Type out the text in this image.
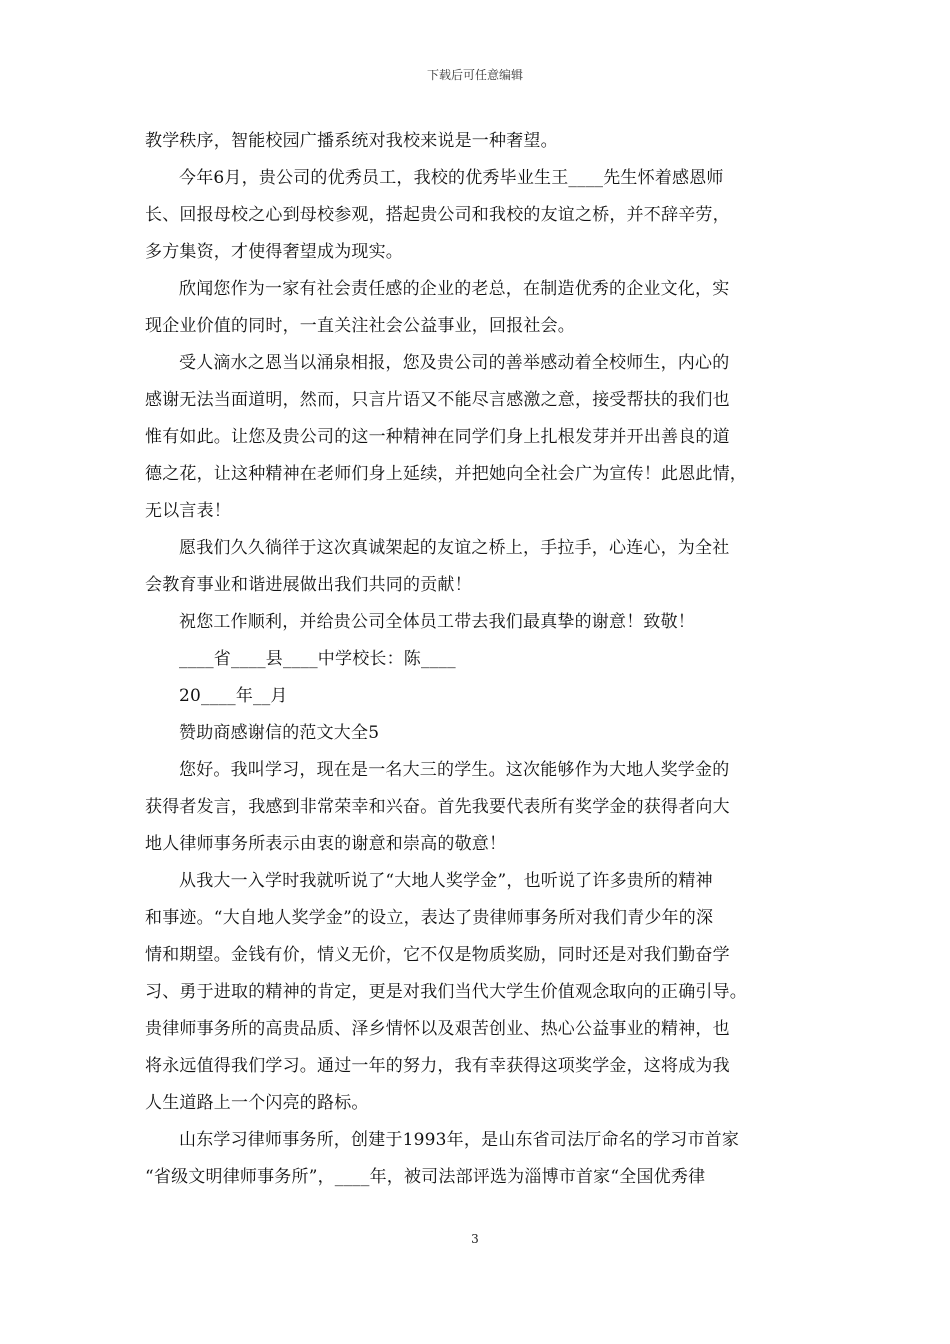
下载后可任意编辑
教学秩序，智能校园广播系统对我校来说是一种奢望。
今年6月，贵公司的优秀员工，我校的优秀毕业生王____先生怀着感恩师
长、回报母校之心到母校参观，搭起贵公司和我校的友谊之桥，并不辞辛劳，
多方集资，才使得奢望成为现实。
欣闻您作为一家有社会责任感的企业的老总，在制造优秀的企业文化，实
现企业价值的同时，一直关注社会公益事业，回报社会。
受人滴水之恩当以涌泉相报，您及贵公司的善举感动着全校师生，内心的
感谢无法当面道明，然而，只言片语又不能尽言感激之意，接受帮扶的我们也
惟有如此。让您及贵公司的这一种精神在同学们身上扎根发芽并开出善良的道
德之花，让这种精神在老师们身上延续，并把她向全社会广为宣传！此恩此情，
无以言表！
愿我们久久徜徉于这次真诚架起的友谊之桥上，手拉手，心连心，为全社
会教育事业和谐进展做出我们共同的贡献！
祝您工作顺利，并给贵公司全体员工带去我们最真挚的谢意！致敬！
____省____县____中学校长：陈____
20____年__月
赞助商感谢信的范文大全5
您好。我叫学习，现在是一名大三的学生。这次能够作为大地人奖学金的
获得者发言，我感到非常荣幸和兴奋。首先我要代表所有奖学金的获得者向大
地人律师事务所表示由衷的谢意和崇高的敬意！
从我大一入学时我就听说了“大地人奖学金”，也听说了许多贵所的精神
和事迹。“大自地人奖学金”的设立，表达了贵律师事务所对我们青少年的深
情和期望。金钱有价，情义无价，它不仅是物质奖励，同时还是对我们勤奋学
习、勇于进取的精神的肯定，更是对我们当代大学生价值观念取向的正确引导。
贵律师事务所的高贵品质、泽乡情怀以及艰苦创业、热心公益事业的精神，也
将永远值得我们学习。通过一年的努力，我有幸获得这项奖学金，这将成为我
人生道路上一个闪亮的路标。
山东学习律师事务所，创建于1993年，是山东省司法厅命名的学习市首家
“省级文明律师事务所”，____年，被司法部评选为淄博市首家“全国优秀律
3
